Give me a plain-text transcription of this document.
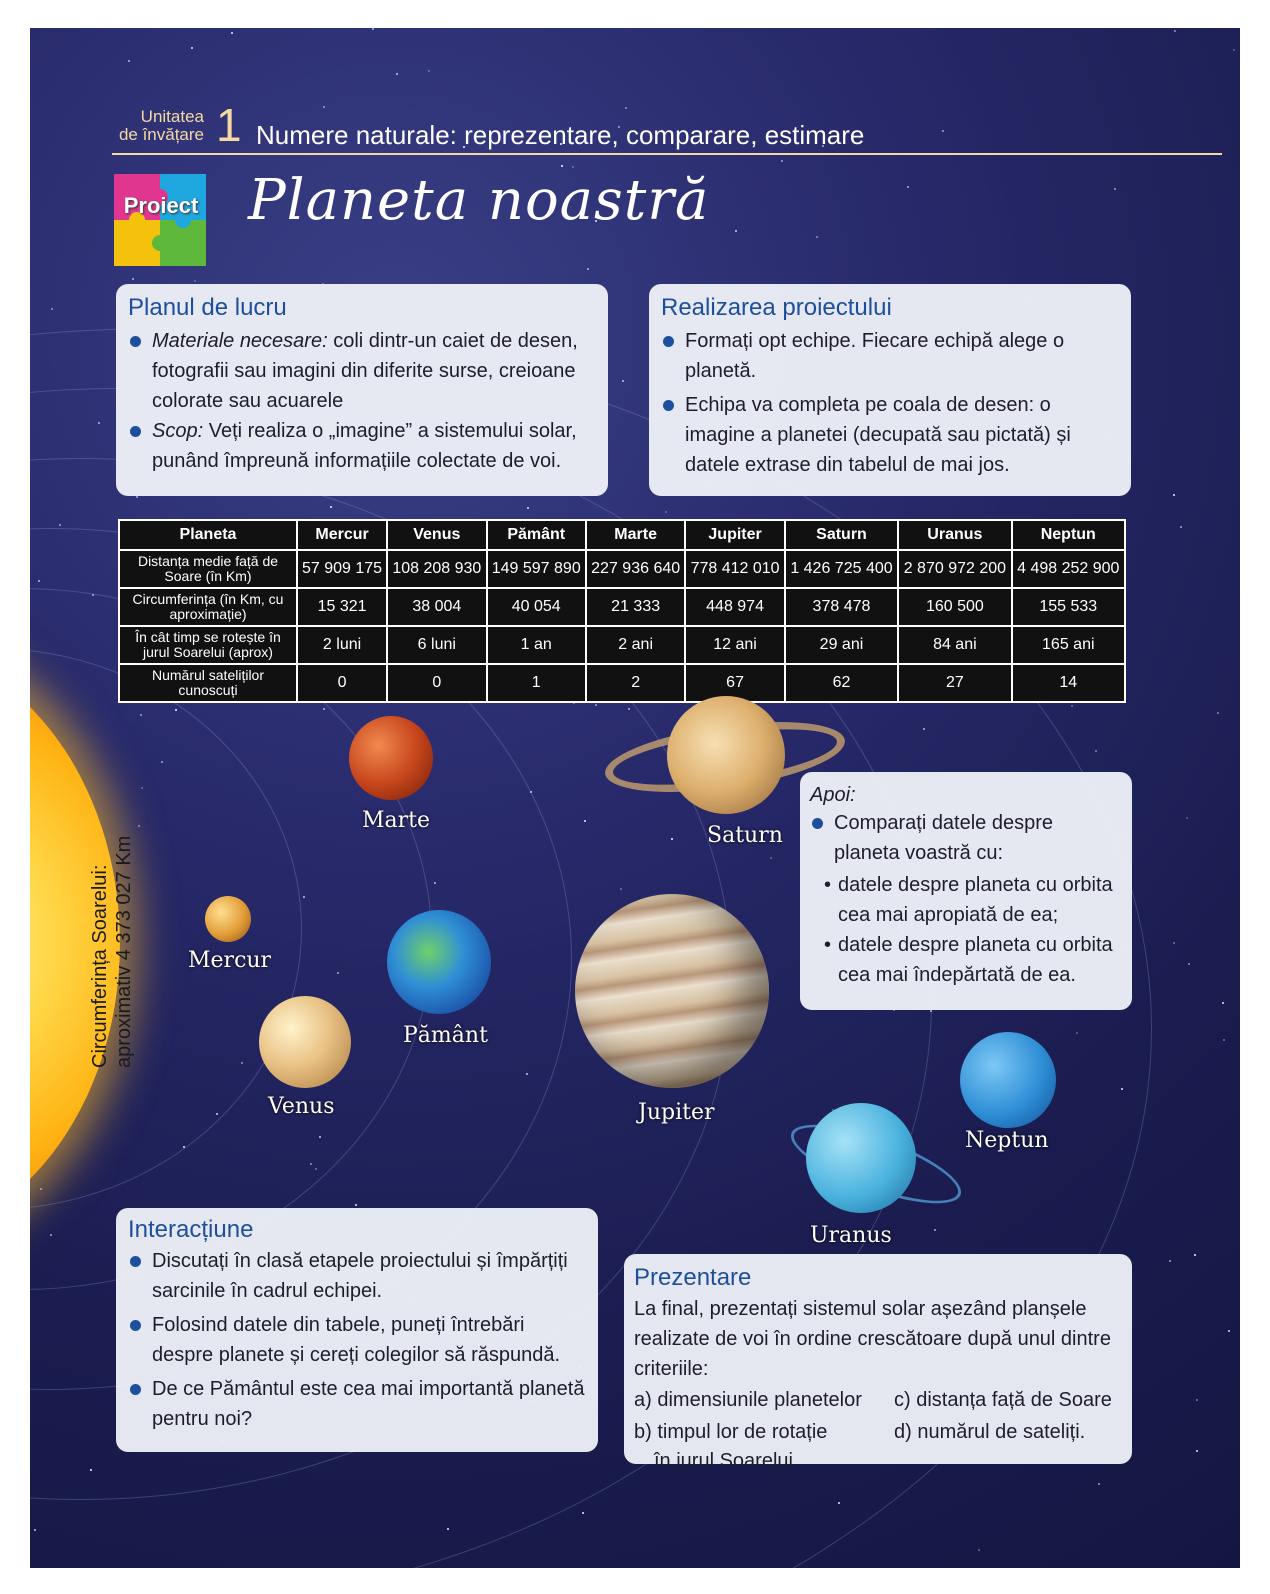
Unitatea
de învățare 1 Numere naturale: reprezentare, comparare, estimare
Proiect Planeta noastră
Planul de lucru
Materiale necesare: coli dintr-un caiet de desen, fotografii sau imagini din diferite surse, creioane colorate sau acuarele
Scop: Veți realiza o „imagine” a sistemului solar, punând împreună informațiile colectate de voi.
Realizarea proiectului
Formați opt echipe. Fiecare echipă alege o planetă.
Echipa va completa pe coala de desen: o imagine a planetei (decupată sau pictată) și datele extrase din tabelul de mai jos.
Planeta	Mercur	Venus	Pământ	Marte	Jupiter	Saturn	Uranus	Neptun
Distanța medie față de Soare (în Km)	57 909 175	108 208 930	149 597 890	227 936 640	778 412 010	1 426 725 400	2 870 972 200	4 498 252 900
Circumferința (în Km, cu aproximație)	15 321	38 004	40 054	21 333	448 974	378 478	160 500	155 533
În cât timp se rotește în jurul Soarelui (aprox)	2 luni	6 luni	1 an	2 ani	12 ani	29 ani	84 ani	165 ani
Numărul sateliților cunoscuți	0	0	1	2	67	62	27	14
Marte
Mercur
Venus
Pământ
Saturn
Jupiter
Uranus
Neptun
Circumferința Soarelui: aproximativ 4 373 027 Km
Apoi:
Comparați datele despre planeta voastră cu:
• datele despre planeta cu orbita cea mai apropiată de ea;
• datele despre planeta cu orbita cea mai îndepărtată de ea.
Interacțiune
Discutați în clasă etapele proiectului și împărțiți sarcinile în cadrul echipei.
Folosind datele din tabele, puneți întrebări despre planete și cereți colegilor să răspundă.
De ce Pământul este cea mai importantă planetă pentru noi?
Prezentare
La final, prezentați sistemul solar așezând planșele realizate de voi în ordine crescătoare după unul dintre criteriile:
a) dimensiunile planetelor	c) distanța față de Soare
b) timpul lor de rotație	d) numărul de sateliți.
în jurul Soarelui
